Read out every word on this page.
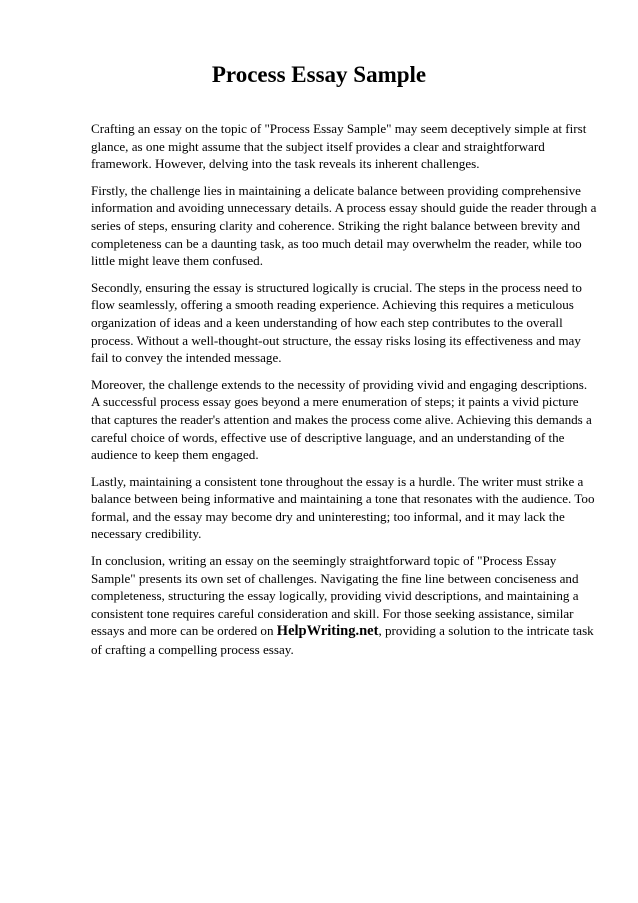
Process Essay Sample

Crafting an essay on the topic of "Process Essay Sample" may seem deceptively simple at first glance, as one might assume that the subject itself provides a clear and straightforward framework. However, delving into the task reveals its inherent challenges.

Firstly, the challenge lies in maintaining a delicate balance between providing comprehensive information and avoiding unnecessary details. A process essay should guide the reader through a series of steps, ensuring clarity and coherence. Striking the right balance between brevity and completeness can be a daunting task, as too much detail may overwhelm the reader, while too little might leave them confused.

Secondly, ensuring the essay is structured logically is crucial. The steps in the process need to flow seamlessly, offering a smooth reading experience. Achieving this requires a meticulous organization of ideas and a keen understanding of how each step contributes to the overall process. Without a well-thought-out structure, the essay risks losing its effectiveness and may fail to convey the intended message.

Moreover, the challenge extends to the necessity of providing vivid and engaging descriptions. A successful process essay goes beyond a mere enumeration of steps; it paints a vivid picture that captures the reader's attention and makes the process come alive. Achieving this demands a careful choice of words, effective use of descriptive language, and an understanding of the audience to keep them engaged.

Lastly, maintaining a consistent tone throughout the essay is a hurdle. The writer must strike a balance between being informative and maintaining a tone that resonates with the audience. Too formal, and the essay may become dry and uninteresting; too informal, and it may lack the necessary credibility.

In conclusion, writing an essay on the seemingly straightforward topic of "Process Essay Sample" presents its own set of challenges. Navigating the fine line between conciseness and completeness, structuring the essay logically, providing vivid descriptions, and maintaining a consistent tone requires careful consideration and skill. For those seeking assistance, similar essays and more can be ordered on HelpWriting.net, providing a solution to the intricate task of crafting a compelling process essay.
